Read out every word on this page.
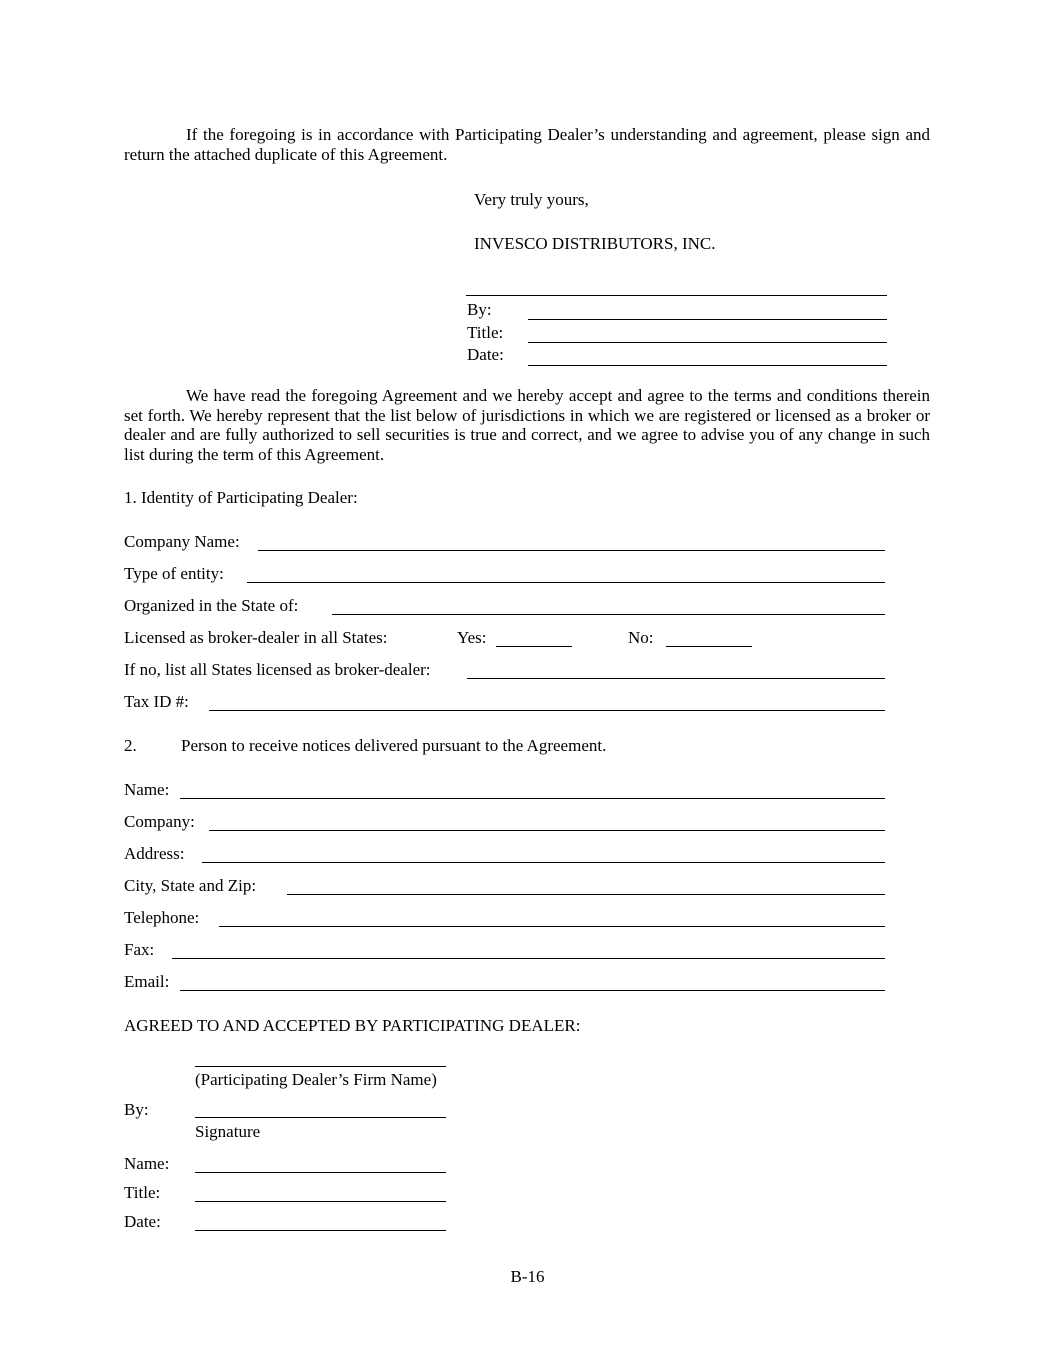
If the foregoing is in accordance with Participating Dealer’s understanding and agreement, please sign and return the attached duplicate of this Agreement.
Very truly yours,
INVESCO DISTRIBUTORS, INC.
By:
Title:
Date:
We have read the foregoing Agreement and we hereby accept and agree to the terms and conditions therein set forth. We hereby represent that the list below of jurisdictions in which we are registered or licensed as a broker or dealer and are fully authorized to sell securities is true and correct, and we agree to advise you of any change in such list during the term of this Agreement.
1. Identity of Participating Dealer:
Company Name:
Type of entity:
Organized in the State of:
Licensed as broker-dealer in all States:	Yes:	No:
If no, list all States licensed as broker-dealer:
Tax ID #:
2.	Person to receive notices delivered pursuant to the Agreement.
Name:
Company:
Address:
City, State and Zip:
Telephone:
Fax:
Email:
AGREED TO AND ACCEPTED BY PARTICIPATING DEALER:
(Participating Dealer’s Firm Name)
By:
Signature
Name:
Title:
Date:
B-16
